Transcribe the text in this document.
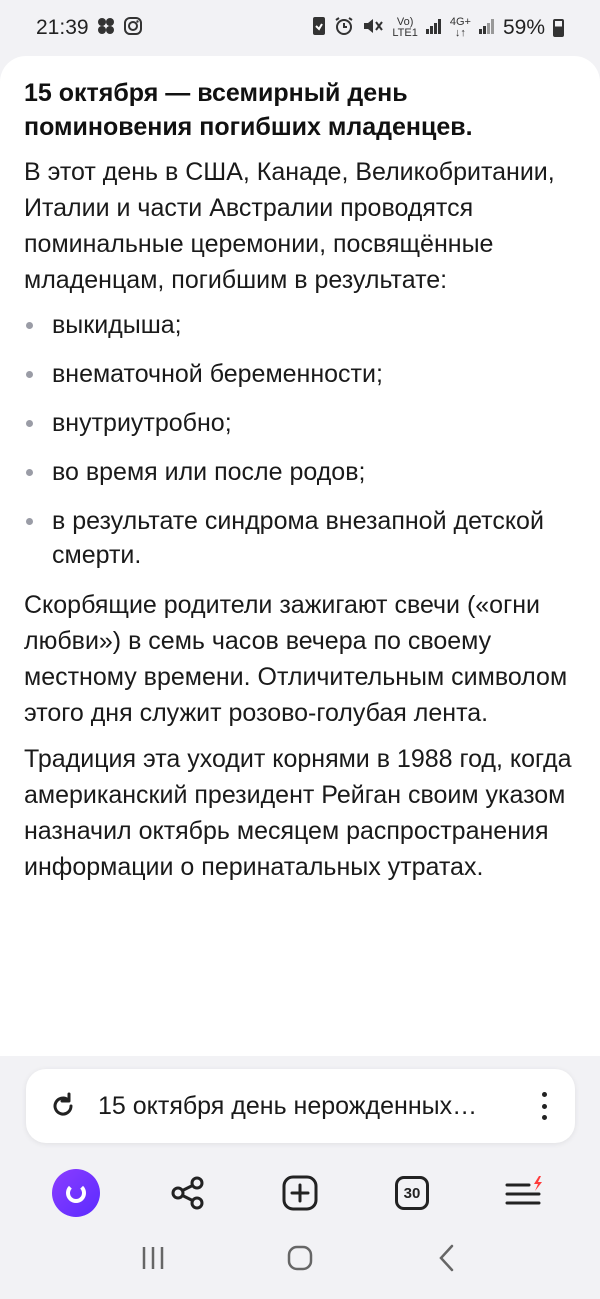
21:39	Vo)
LTE1
4G+
↓↑ 59%
15 октября — всемирный день поминовения погибших младенцев.

В этот день в США, Канаде, Великобритании, Италии и части Австралии проводятся поминальные церемонии, посвящённые младенцам, погибшим в результате:

выкидыша;
внематочной беременности;
внутриутробно;
во время или после родов;
в результате синдрома внезапной детской смерти.

Скорбящие родители зажигают свечи («огни любви») в семь часов вечера по своему местному времени. Отличительным символом этого дня служит розово-голубая лента.

Традиция эта уходит корнями в 1988 год, когда американский президент Рейган своим указом назначил октябрь месяцем распространения информации о перинатальных утратах.

15 октября день нерожденных…
30
